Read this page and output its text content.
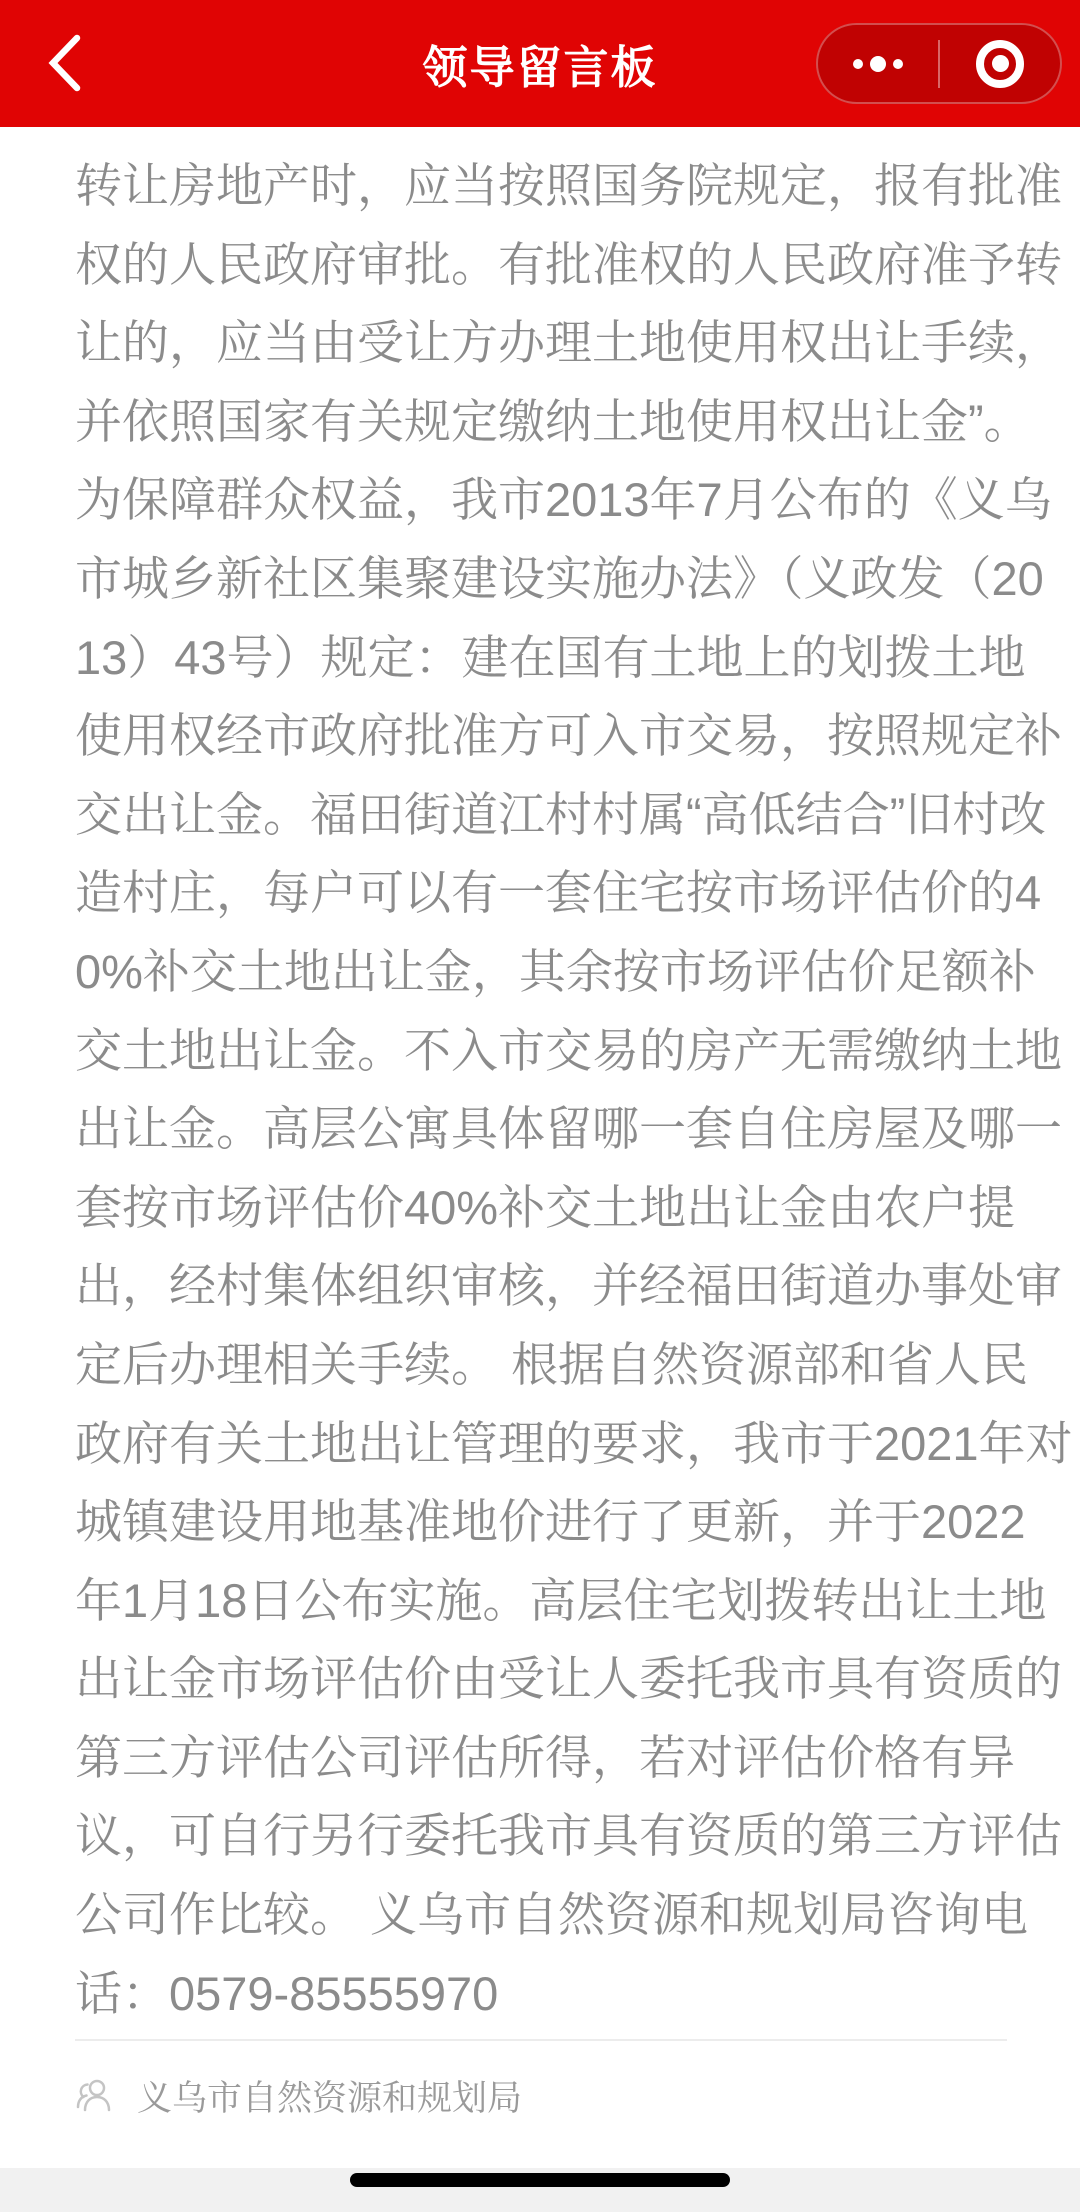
领导留言板
转让房地产时，应当按照国务院规定，报有批准
权的人民政府审批。有批准权的人民政府准予转
让的，应当由受让方办理土地使用权出让手续，
并依照国家有关规定缴纳土地使用权出让金”。
为保障群众权益，我市2013年7月公布的《义乌
市城乡新社区集聚建设实施办法》（义政发（20
13）43号）规定：建在国有土地上的划拨土地
使用权经市政府批准方可入市交易，按照规定补
交出让金。福田街道江村村属“高低结合”旧村改
造村庄，每户可以有一套住宅按市场评估价的4
0%补交土地出让金，其余按市场评估价足额补
交土地出让金。不入市交易的房产无需缴纳土地
出让金。高层公寓具体留哪一套自住房屋及哪一
套按市场评估价40%补交土地出让金由农户提
出，经村集体组织审核，并经福田街道办事处审
定后办理相关手续。 根据自然资源部和省人民
政府有关土地出让管理的要求，我市于2021年对
城镇建设用地基准地价进行了更新，并于2022
年1月18日公布实施。高层住宅划拨转出让土地
出让金市场评估价由受让人委托我市具有资质的
第三方评估公司评估所得，若对评估价格有异
议，可自行另行委托我市具有资质的第三方评估
公司作比较。 义乌市自然资源和规划局咨询电
话：0579-85555970
义乌市自然资源和规划局
